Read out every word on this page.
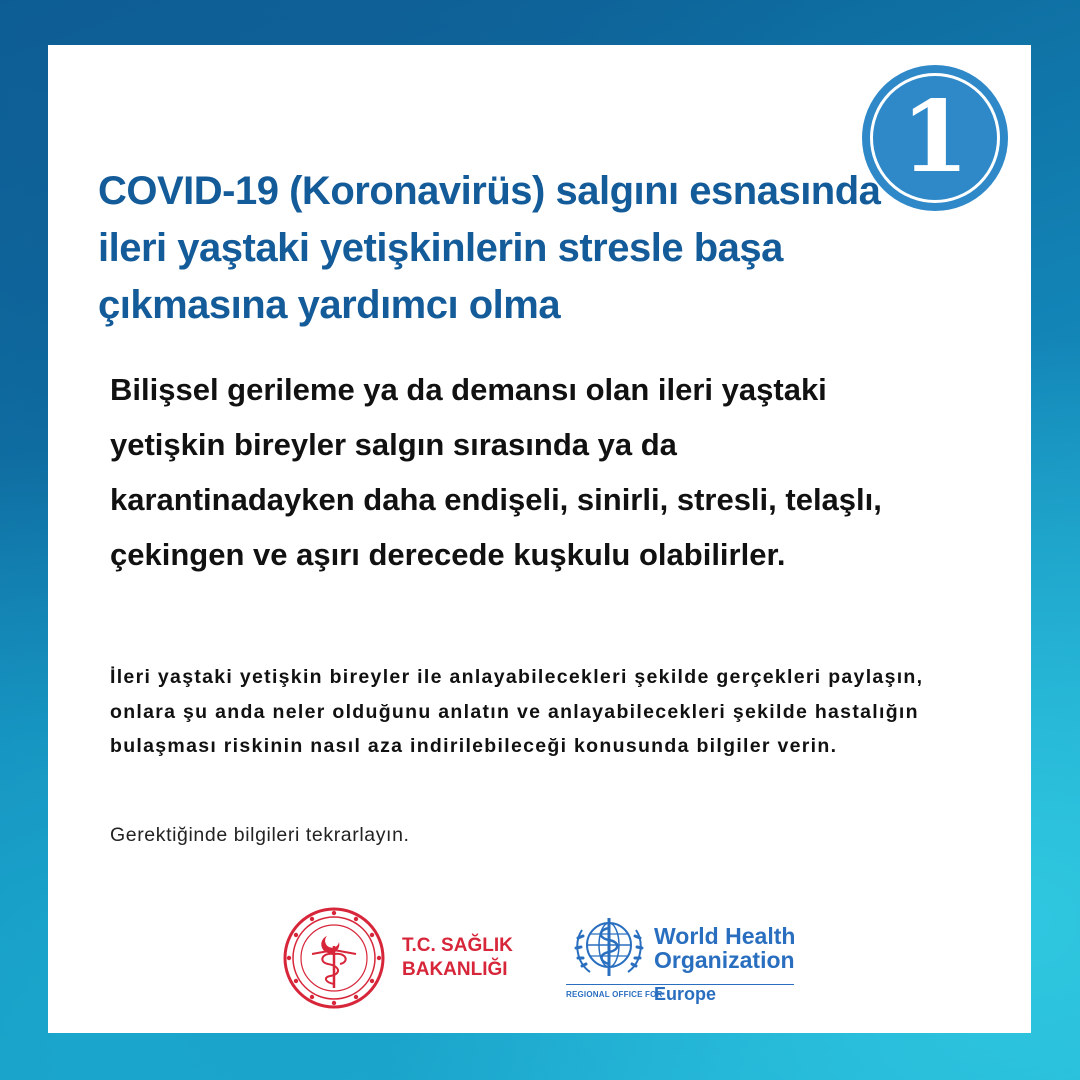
1
COVID-19 (Koronavirüs) salgını esnasında ileri yaştaki yetişkinlerin stresle başa çıkmasına yardımcı olma

Bilişsel gerileme ya da demansı olan ileri yaştaki yetişkin bireyler salgın sırasında ya da karantinadayken daha endişeli, sinirli, stresli, telaşlı, çekingen ve aşırı derecede kuşkulu olabilirler.

İleri yaştaki yetişkin bireyler ile anlayabilecekleri şekilde gerçekleri paylaşın, onlara şu anda neler olduğunu anlatın ve anlayabilecekleri şekilde hastalığın bulaşması riskinin nasıl aza indirilebileceği konusunda bilgiler verin.

Gerektiğinde bilgileri tekrarlayın.

T.C. SAĞLIK
BAKANLIĞI

World Health
Organization

REGIONAL OFFICE FOR
Europe
